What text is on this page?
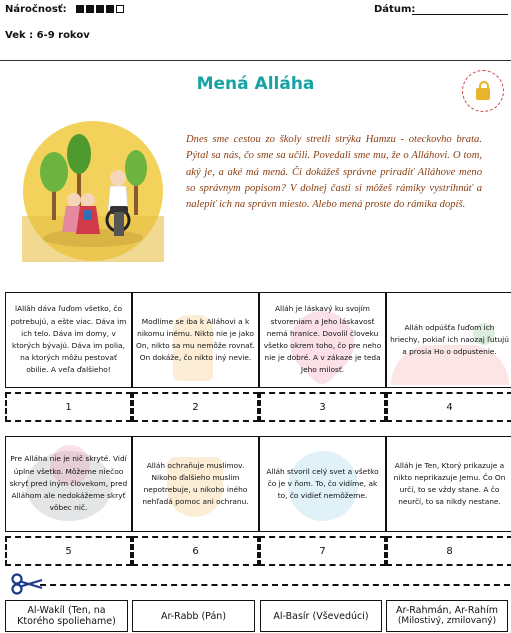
Náročnosť:	Dátum:
Vek : 6-9 rokov
Mená Alláha
Dnes sme cestou zo školy stretli strýka Hamzu - oteckovho brata. Pýtal sa nás, čo sme sa učili. Povedali sme mu, že o Alláhovi. O tom, aký je, a aké má mená. Či dokážeš správne priradiť Alláhove meno so správnym popisom? V dolnej časti si môžeš rámiky vystrihnúť a nalepiť ich na správn miesto. Alebo mená proste do rámika dopíš.
lAllâh dáva ľuďom všetko, čo potrebujú, a ešte viac. Dáva im ich telo. Dáva im domy, v ktorých bývajú. Dáva im polia, na ktorých môžu pestovať obilie. A veľa ďalšieho!
Modlíme se iba k Alláhovi a k nikomu inému. Nikto nie je jako On, nikto sa mu nemôže rovnať. On dokáže, čo nikto iný nevie.
Alláh je láskavý ku svojím stvoreniam a Jeho láskavosť nemá hranice. Dovolil človeku všetko okrem toho, čo pre neho nie je dobré. A v zákaze je teda Jeho milosť.
Alláh odpúšťa ľuďom ich hriechy, pokiaľ ich naozaj ľutujú a prosia Ho o odpustenie.
1	2	3	4
Pre Alláha nie je nič skryté. Vidí úplne všetko. Môžeme niečoo skryť pred iným človekom, pred Alláhom ale nedokážeme skryť vôbec nič.
Alláh ochraňuje muslimov. Nikoho ďalšieho muslim nepotrebuje, u nikoho iného nehľadá pomoc ani ochranu.
Alláh stvoril celý svet a všetko čo je v ňom. To, čo vidíme, ak to, čo vidieť nemôžeme.
Alláh je Ten, Ktorý prikazuje a nikto neprikazuje Jemu. Čo On určí, to se vždy stane. A čo neurčí, to sa nikdy nestane.
5	6	7	8
Al-Wakíl (Ten, na
Ktorého spoliehame)	Ar-Rabb (Pán)	Al-Basír (Vševedúci)	Ar-Rahmán, Ar-Rahím
(Milostivý, zmilovaný)
